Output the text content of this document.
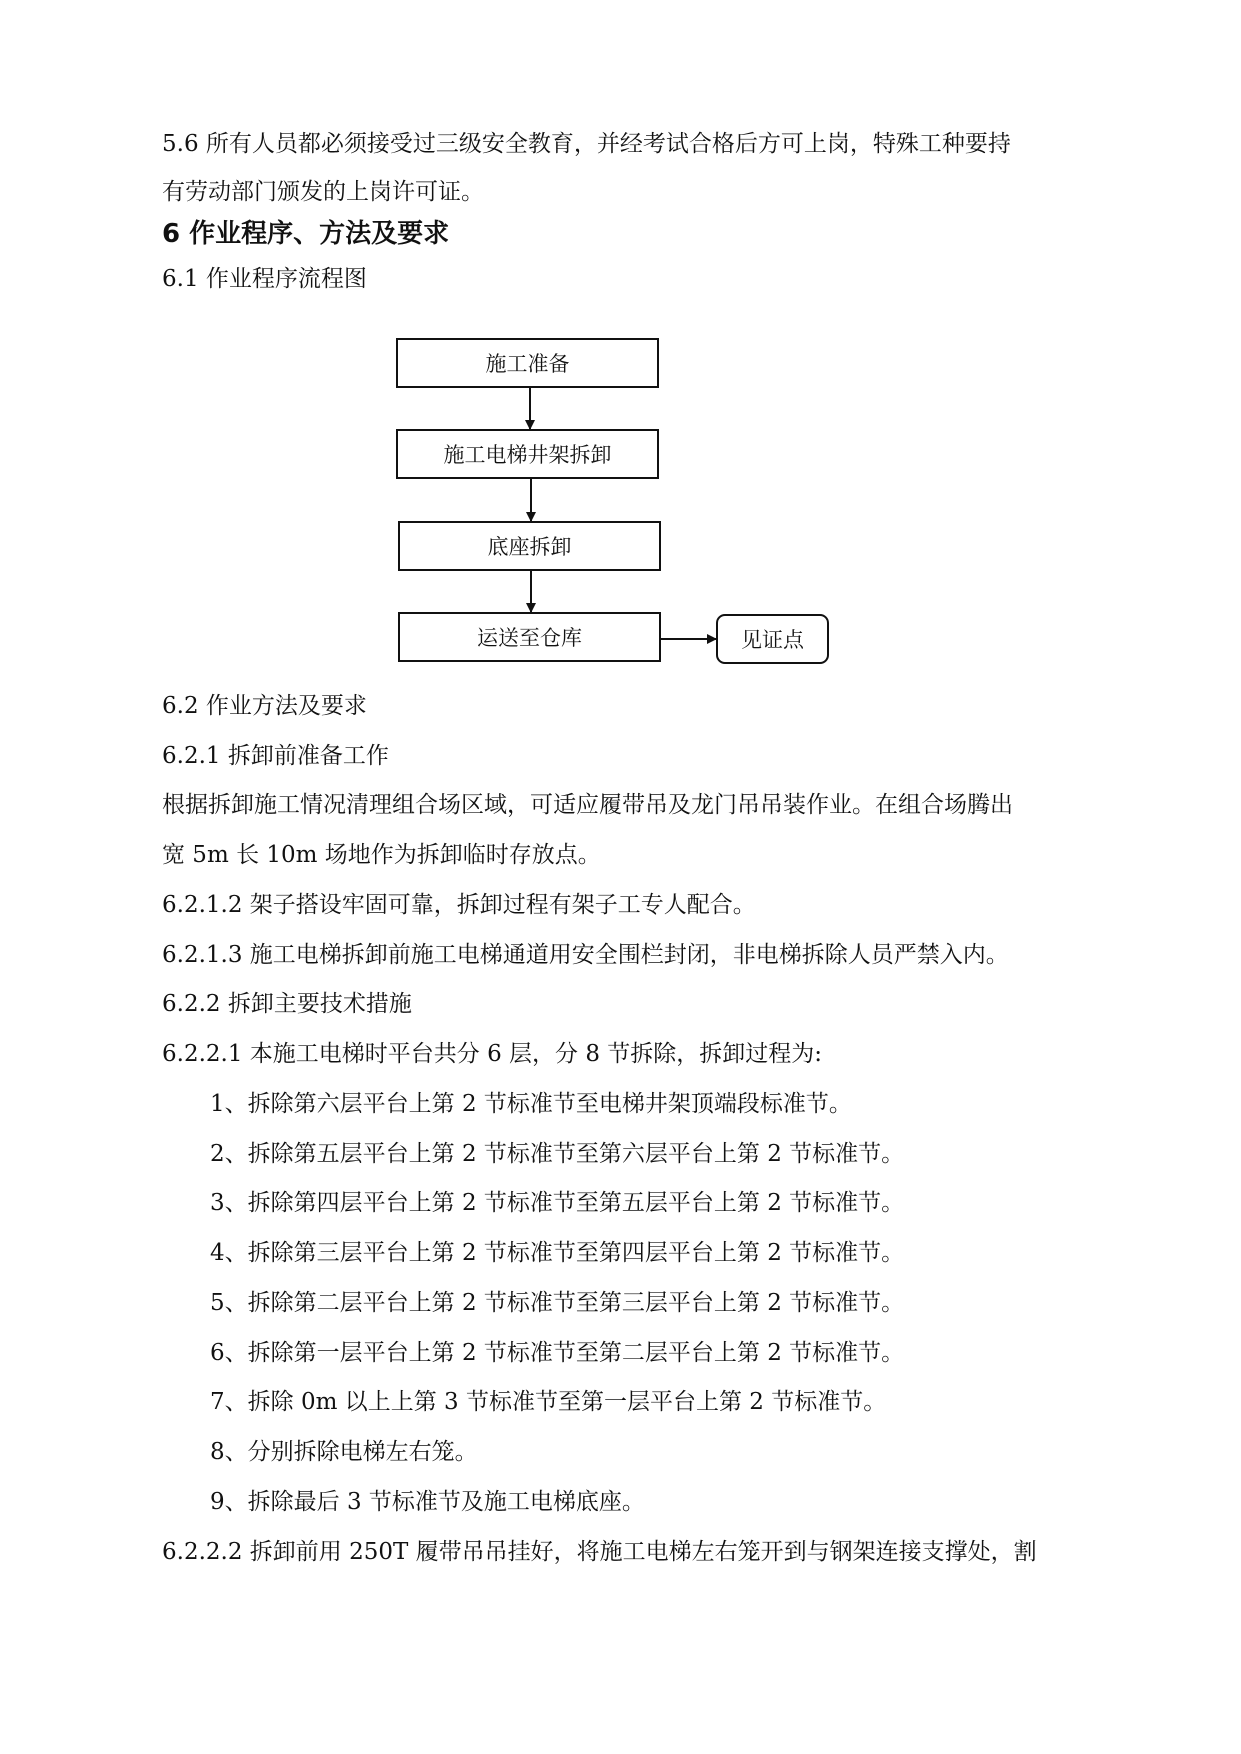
5.6 所有人员都必须接受过三级安全教育，并经考试合格后方可上岗，特殊工种要持
有劳动部门颁发的上岗许可证。
6 作业程序、方法及要求
6.1 作业程序流程图
施工准备
施工电梯井架拆卸
底座拆卸
运送至仓库	见证点
6.2 作业方法及要求
6.2.1 拆卸前准备工作
根据拆卸施工情况清理组合场区域，可适应履带吊及龙门吊吊装作业。在组合场腾出
宽 5m 长 10m 场地作为拆卸临时存放点。
6.2.1.2 架子搭设牢固可靠，拆卸过程有架子工专人配合。
6.2.1.3 施工电梯拆卸前施工电梯通道用安全围栏封闭，非电梯拆除人员严禁入内。
6.2.2 拆卸主要技术措施
6.2.2.1 本施工电梯时平台共分 6 层，分 8 节拆除，拆卸过程为:
1、拆除第六层平台上第 2 节标准节至电梯井架顶端段标准节。
2、拆除第五层平台上第 2 节标准节至第六层平台上第 2 节标准节。
3、拆除第四层平台上第 2 节标准节至第五层平台上第 2 节标准节。
4、拆除第三层平台上第 2 节标准节至第四层平台上第 2 节标准节。
5、拆除第二层平台上第 2 节标准节至第三层平台上第 2 节标准节。
6、拆除第一层平台上第 2 节标准节至第二层平台上第 2 节标准节。
7、拆除 0m 以上上第 3 节标准节至第一层平台上第 2 节标准节。
8、分别拆除电梯左右笼。
9、拆除最后 3 节标准节及施工电梯底座。
6.2.2.2 拆卸前用 250T 履带吊吊挂好，将施工电梯左右笼开到与钢架连接支撑处，割
